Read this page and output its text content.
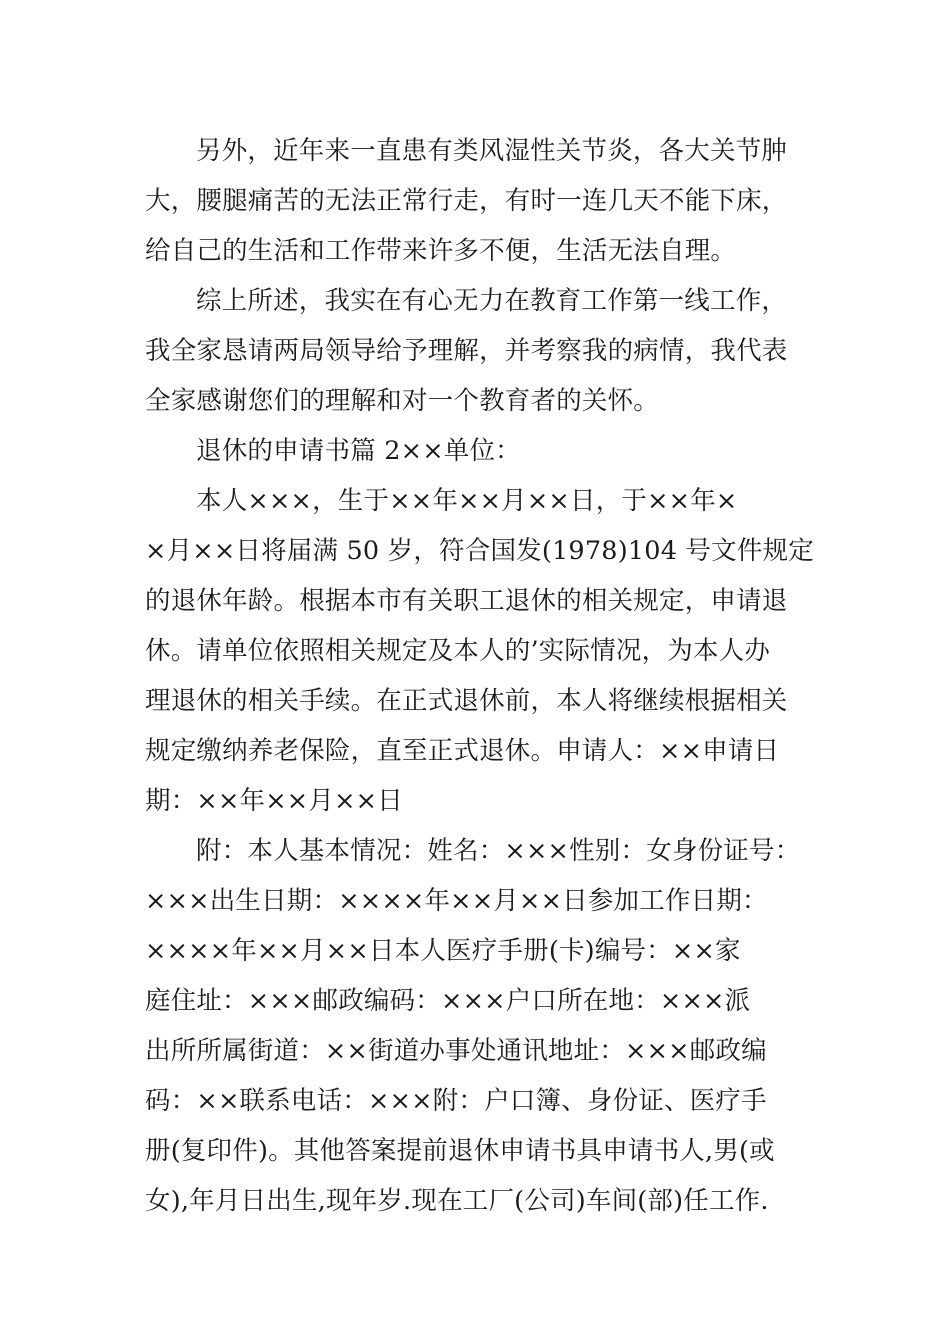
另外，近年来一直患有类风湿性关节炎，各大关节肿
大，腰腿痛苦的无法正常行走，有时一连几天不能下床，
给自己的生活和工作带来许多不便，生活无法自理。
综上所述，我实在有心无力在教育工作第一线工作，
我全家恳请两局领导给予理解，并考察我的病情，我代表
全家感谢您们的理解和对一个教育者的关怀。
退休的申请书篇 2××单位：
本人×××，生于××年××月××日，于××年×
×月××日将届满 50 岁，符合国发(1978)104 号文件规定
的退休年龄。根据本市有关职工退休的相关规定，申请退
休。请单位依照相关规定及本人的’实际情况，为本人办
理退休的相关手续。在正式退休前，本人将继续根据相关
规定缴纳养老保险，直至正式退休。申请人：××申请日
期：××年××月××日
附：本人基本情况：姓名：×××性别：女身份证号：
×××出生日期：××××年××月××日参加工作日期：
××××年××月××日本人医疗手册(卡)编号：××家
庭住址：×××邮政编码：×××户口所在地：×××派
出所所属街道：××街道办事处通讯地址：×××邮政编
码：××联系电话：×××附：户口簿、身份证、医疗手
册(复印件)。其他答案提前退休申请书具申请书人,男(或
女),年月日出生,现年岁.现在工厂(公司)车间(部)任工作.
